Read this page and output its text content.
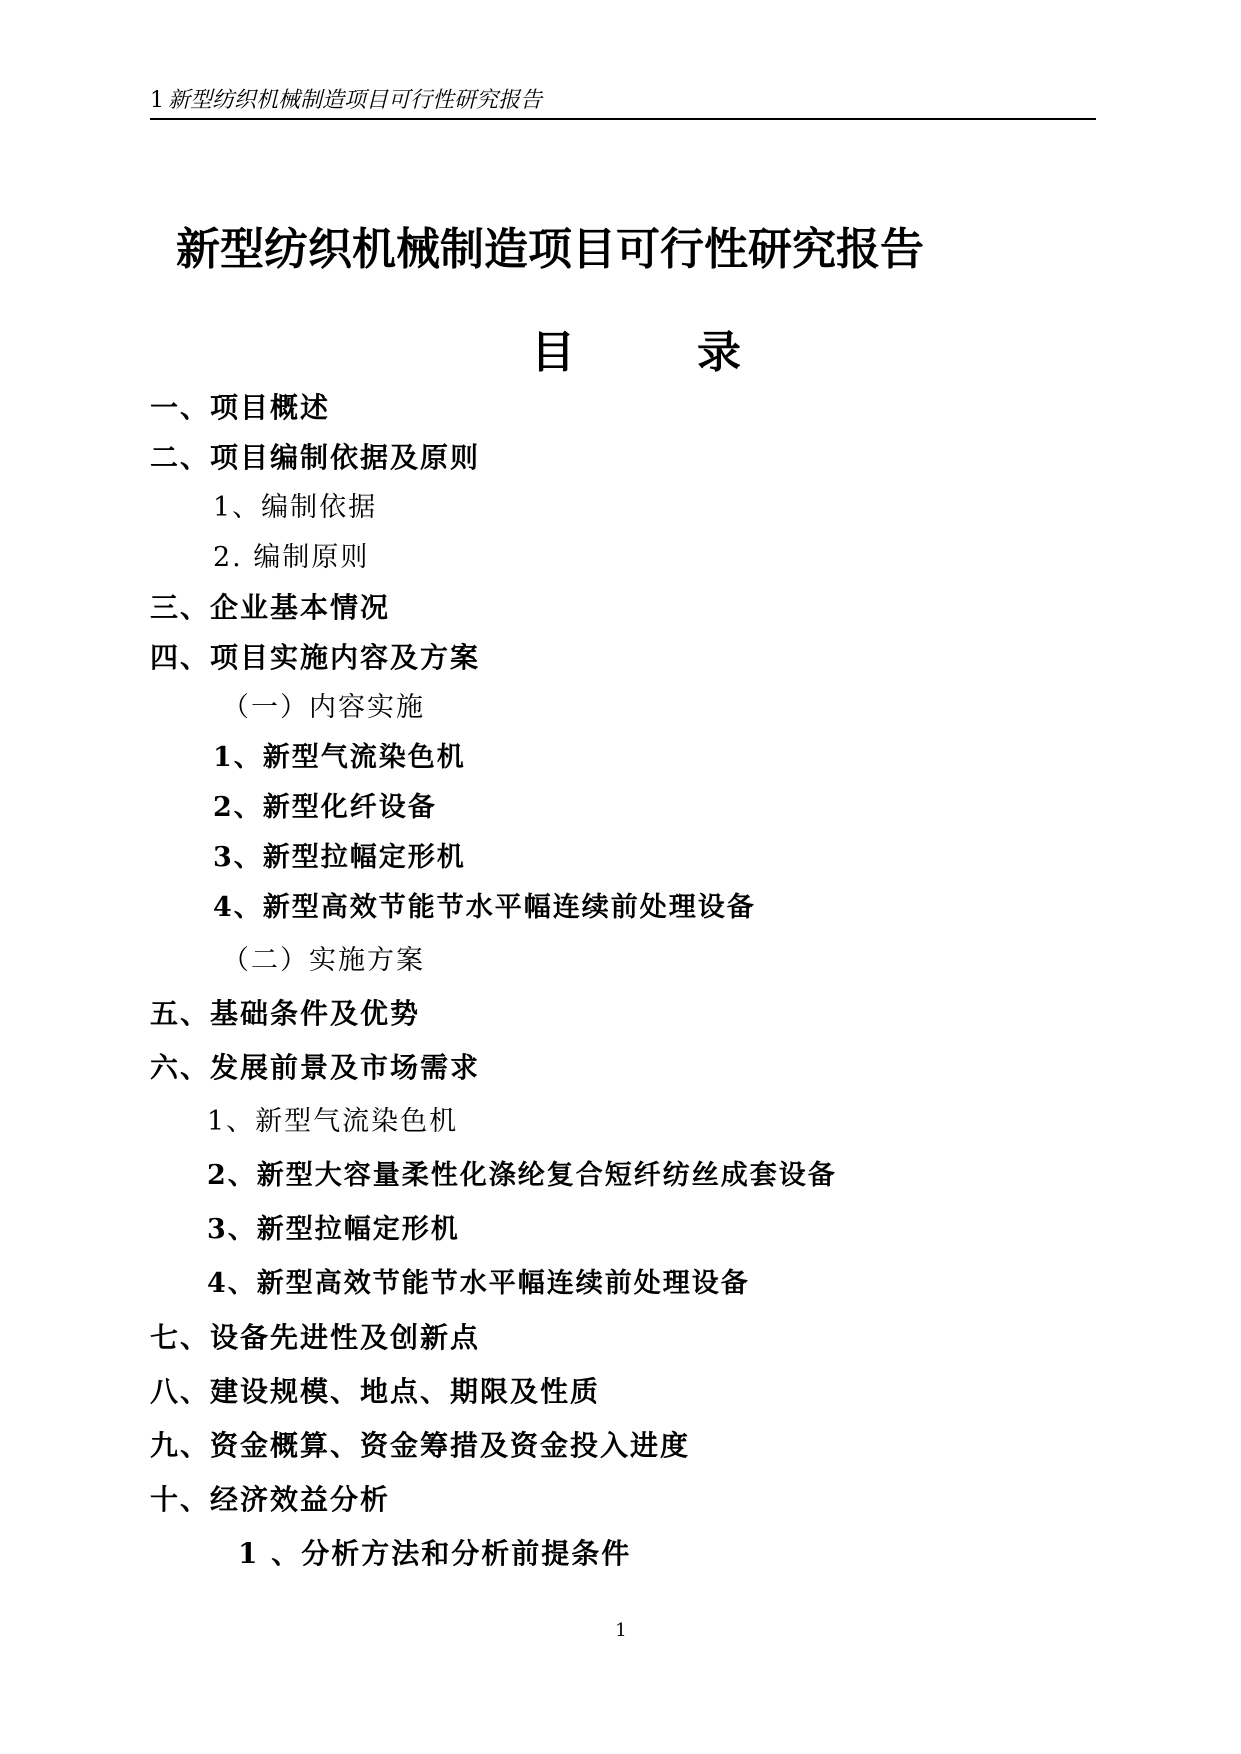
1 新型纺织机械制造项目可行性研究报告
新型纺织机械制造项目可行性研究报告
目	录
一、项目概述
二、项目编制依据及原则
1、编制依据
2. 编制原则
三、企业基本情况
四、项目实施内容及方案
（一）内容实施
1、新型气流染色机
2、新型化纤设备
3、新型拉幅定形机
4、新型高效节能节水平幅连续前处理设备
（二）实施方案
五、基础条件及优势
六、发展前景及市场需求
1、新型气流染色机
2、新型大容量柔性化涤纶复合短纤纺丝成套设备
3、新型拉幅定形机
4、新型高效节能节水平幅连续前处理设备
七、设备先进性及创新点
八、建设规模、地点、期限及性质
九、资金概算、资金筹措及资金投入进度
十、经济效益分析
1 、分析方法和分析前提条件
1
